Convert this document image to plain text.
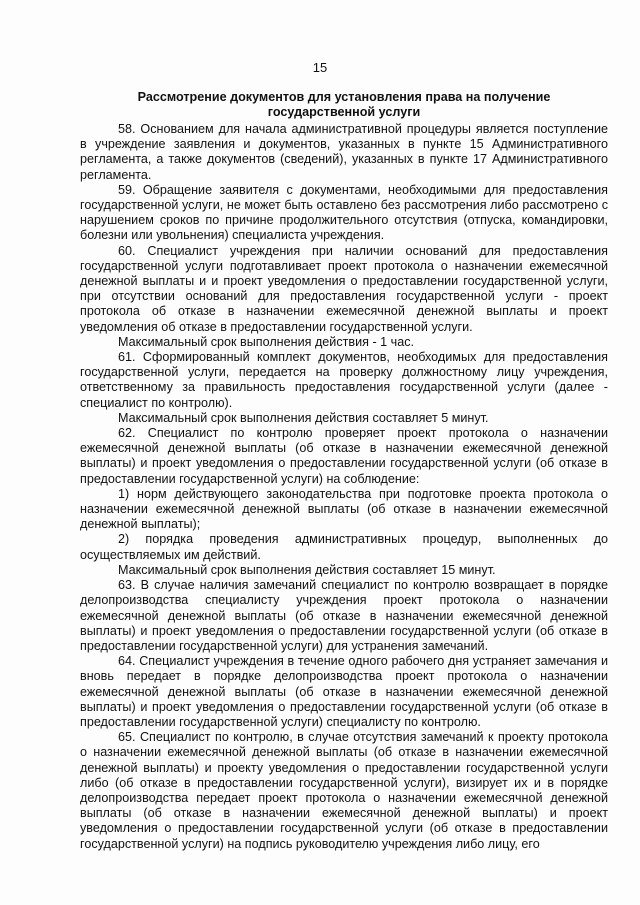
15
Рассмотрение документов для установления права на получение
государственной услуги

58. Основанием для начала административной процедуры является поступление в учреждение заявления и документов, указанных в пункте 15 Административного регламента, а также документов (сведений), указанных в пункте 17 Административного регламента.

59. Обращение заявителя с документами, необходимыми для предоставления государственной услуги, не может быть оставлено без рассмотрения либо рассмотрено с нарушением сроков по причине продолжительного отсутствия (отпуска, командировки, болезни или увольнения) специалиста учреждения.

60. Специалист учреждения при наличии оснований для предоставления государственной услуги подготавливает проект протокола о назначении ежемесячной денежной выплаты и и проект уведомления о предоставлении государственной услуги, при отсутствии оснований для предоставления государственной услуги - проект протокола об отказе в назначении ежемесячной денежной выплаты и проект уведомления об отказе в предоставлении государственной услуги.

Максимальный срок выполнения действия - 1 час.

61. Сформированный комплект документов, необходимых для предоставления государственной услуги, передается на проверку должностному лицу учреждения, ответственному за правильность предоставления государственной услуги (далее - специалист по контролю).

Максимальный срок выполнения действия составляет 5 минут.

62. Специалист по контролю проверяет проект протокола о назначении ежемесячной денежной выплаты (об отказе в назначении ежемесячной денежной выплаты) и проект уведомления о предоставлении государственной услуги (об отказе в предоставлении государственной услуги) на соблюдение:

1) норм действующего законодательства при подготовке проекта протокола о назначении ежемесячной денежной выплаты (об отказе в назначении ежемесячной денежной выплаты);

2) порядка проведения административных процедур, выполненных до осуществляемых им действий.

Максимальный срок выполнения действия составляет 15 минут.

63. В случае наличия замечаний специалист по контролю возвращает в порядке делопроизводства специалисту учреждения проект протокола о назначении ежемесячной денежной выплаты (об отказе в назначении ежемесячной денежной выплаты) и проект уведомления о предоставлении государственной услуги (об отказе в предоставлении государственной услуги) для устранения замечаний.

64. Специалист учреждения в течение одного рабочего дня устраняет замечания и вновь передает в порядке делопроизводства проект протокола о назначении ежемесячной денежной выплаты (об отказе в назначении ежемесячной денежной выплаты) и проект уведомления о предоставлении государственной услуги (об отказе в предоставлении государственной услуги) специалисту по контролю.

65. Специалист по контролю, в случае отсутствия замечаний к проекту протокола о назначении ежемесячной денежной выплаты (об отказе в назначении ежемесячной денежной выплаты) и проекту уведомления о предоставлении государственной услуги либо (об отказе в предоставлении государственной услуги), визирует их и в порядке делопроизводства передает проект протокола о назначении ежемесячной денежной выплаты (об отказе в назначении ежемесячной денежной выплаты) и проект уведомления о предоставлении государственной услуги (об отказе в предоставлении государственной услуги) на подпись руководителю учреждения либо лицу, его
